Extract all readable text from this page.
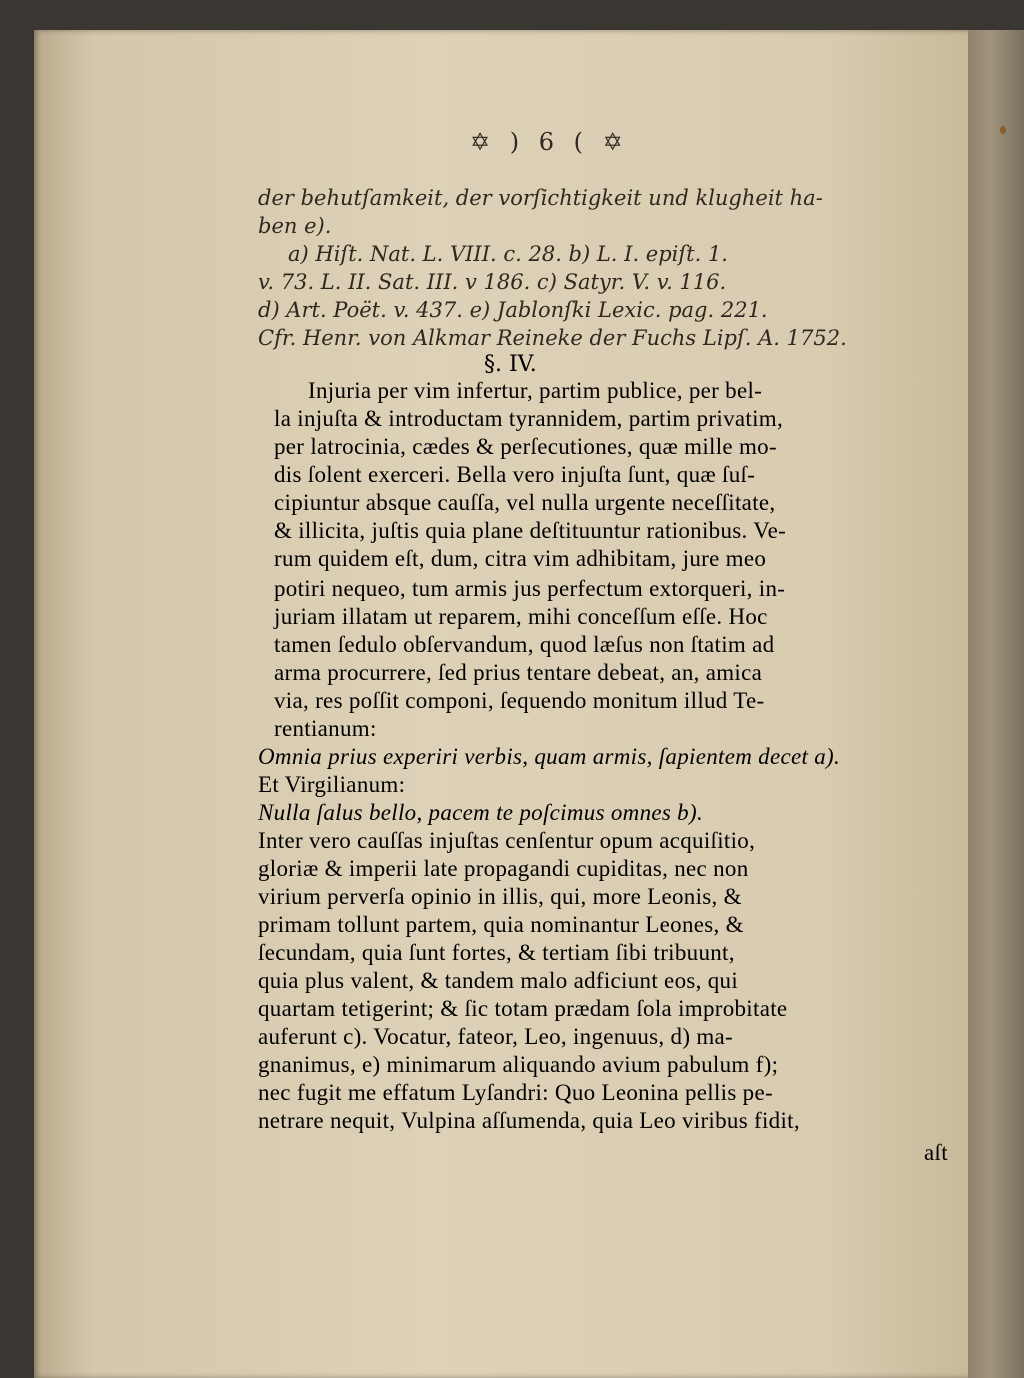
✡ ) 6 ( ✡
der behutſamkeit, der vorſichtigkeit und klugheit ha-
ben e).
a) Hiſt. Nat. L. VIII. c. 28. b) L. I. epiſt. 1.
v. 73. L. II. Sat. III. v 186. c) Satyr. V. v. 116.
d) Art. Poët. v. 437. e) Jablonſki Lexic. pag. 221.
Cfr. Henr. von Alkmar Reineke der Fuchs Lipſ. A. 1752.
§. IV.
Injuria per vim infertur, partim publice, per bel-
la injuſta & introductam tyrannidem, partim privatim,
per latrocinia, cædes & perſecutiones, quæ mille mo-
dis ſolent exerceri. Bella vero injuſta ſunt, quæ ſuſ-
cipiuntur absque cauſſa, vel nulla urgente neceſſitate,
& illicita, juſtis quia plane deſtituuntur rationibus. Ve-
rum quidem eſt, dum, citra vim adhibitam, jure meo
potiri nequeo, tum armis jus perfectum extorqueri, in-
juriam illatam ut reparem, mihi conceſſum eſſe. Hoc
tamen ſedulo obſervandum, quod læſus non ſtatim ad
arma procurrere, ſed prius tentare debeat, an, amica
via, res poſſit componi, ſequendo monitum illud Te-
rentianum:
Omnia prius experiri verbis, quam armis, ſapientem decet a).
Et Virgilianum:
Nulla ſalus bello, pacem te poſcimus omnes b).
Inter vero cauſſas injuſtas cenſentur opum acquiſitio,
gloriæ & imperii late propagandi cupiditas, nec non
virium perverſa opinio in illis, qui, more Leonis, &
primam tollunt partem, quia nominantur Leones, &
ſecundam, quia ſunt fortes, & tertiam ſibi tribuunt,
quia plus valent, & tandem malo adficiunt eos, qui
quartam tetigerint; & ſic totam prædam ſola improbitate
auferunt c). Vocatur, fateor, Leo, ingenuus, d) ma-
gnanimus, e) minimarum aliquando avium pabulum f);
nec fugit me effatum Lyſandri: Quo Leonina pellis pe-
netrare nequit, Vulpina aſſumenda, quia Leo viribus fidit,
aſt
